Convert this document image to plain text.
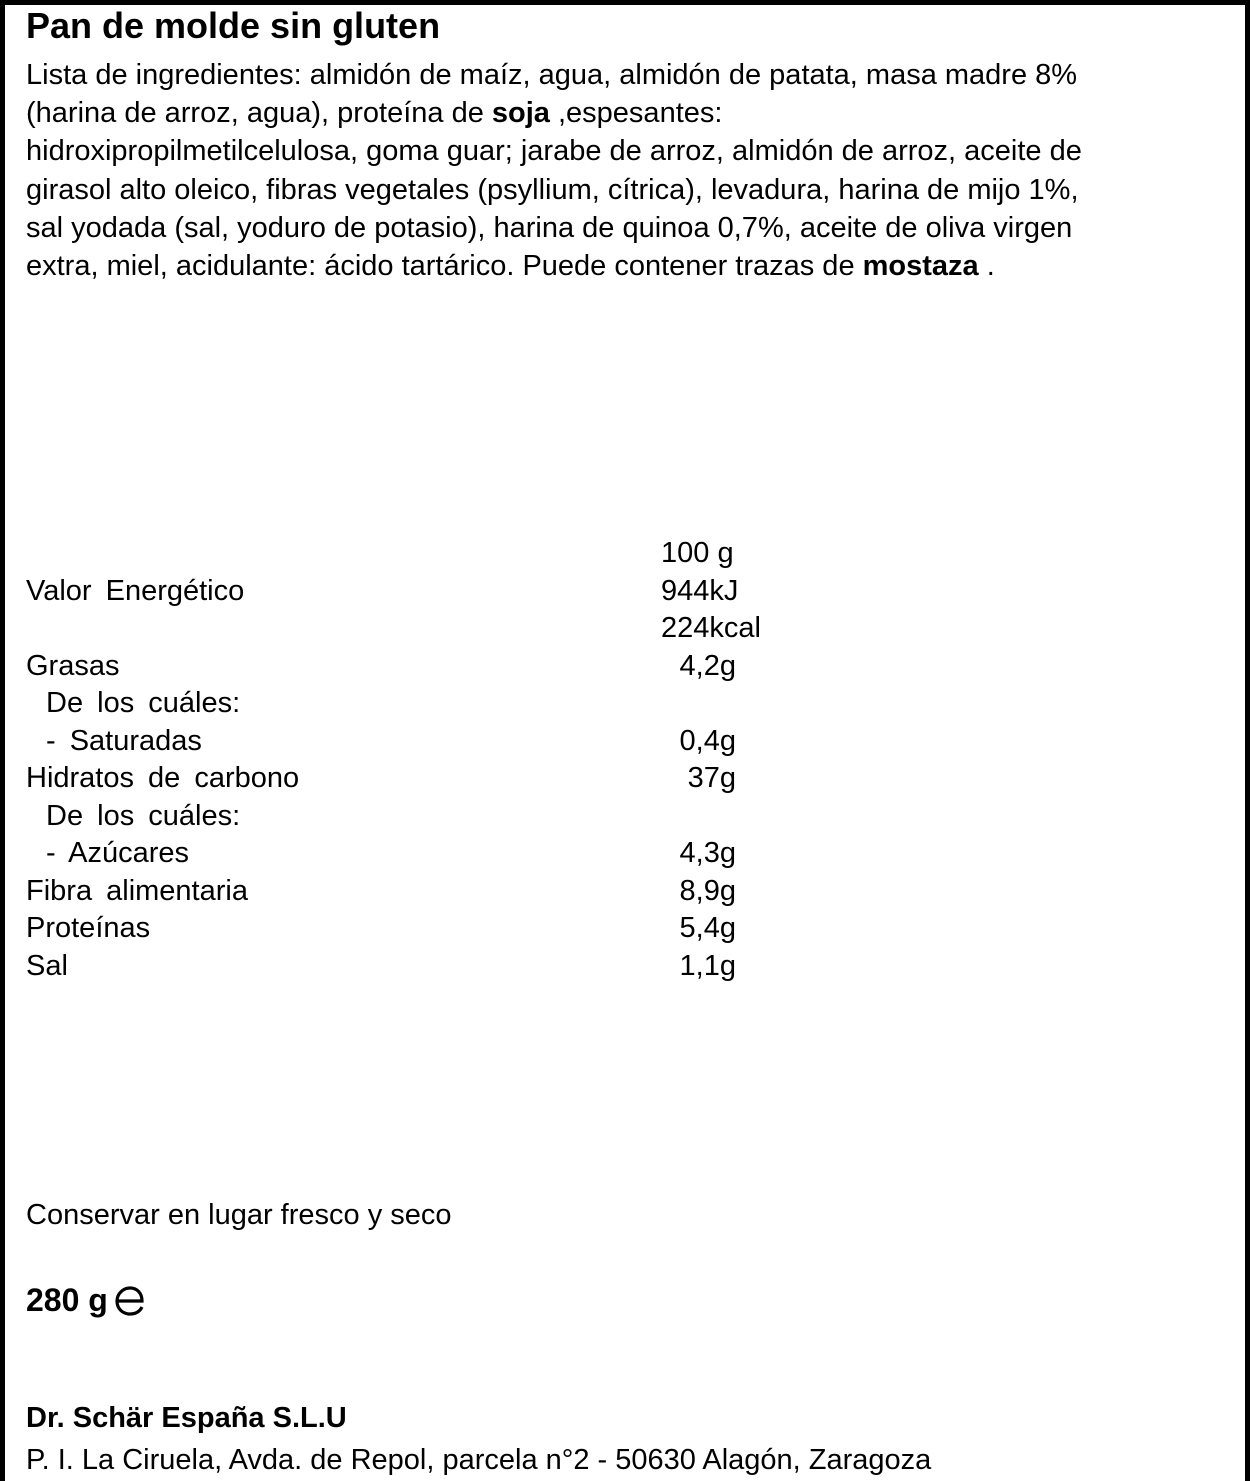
Pan de molde sin gluten
Lista de ingredientes: almidón de maíz, agua, almidón de patata, masa madre 8%
(harina de arroz, agua), proteína de soja ,espesantes:
hidroxipropilmetilcelulosa, goma guar; jarabe de arroz, almidón de arroz, aceite de
girasol alto oleico, fibras vegetales (psyllium, cítrica), levadura, harina de mijo 1%,
sal yodada (sal, yoduro de potasio), harina de quinoa 0,7%, aceite de oliva virgen
extra, miel, acidulante: ácido tartárico. Puede contener trazas de mostaza .
100 g
Valor Energético	944kJ
224kcal
Grasas	4,2g
De los cuáles:
- Saturadas	0,4g
Hidratos de carbono	37g
De los cuáles:
- Azúcares	4,3g
Fibra alimentaria	8,9g
Proteínas	5,4g
Sal	1,1g
Conservar en lugar fresco y seco
280 g
Dr. Schär España S.L.U
P. I. La Ciruela, Avda. de Repol, parcela n°2 - 50630 Alagón, Zaragoza
